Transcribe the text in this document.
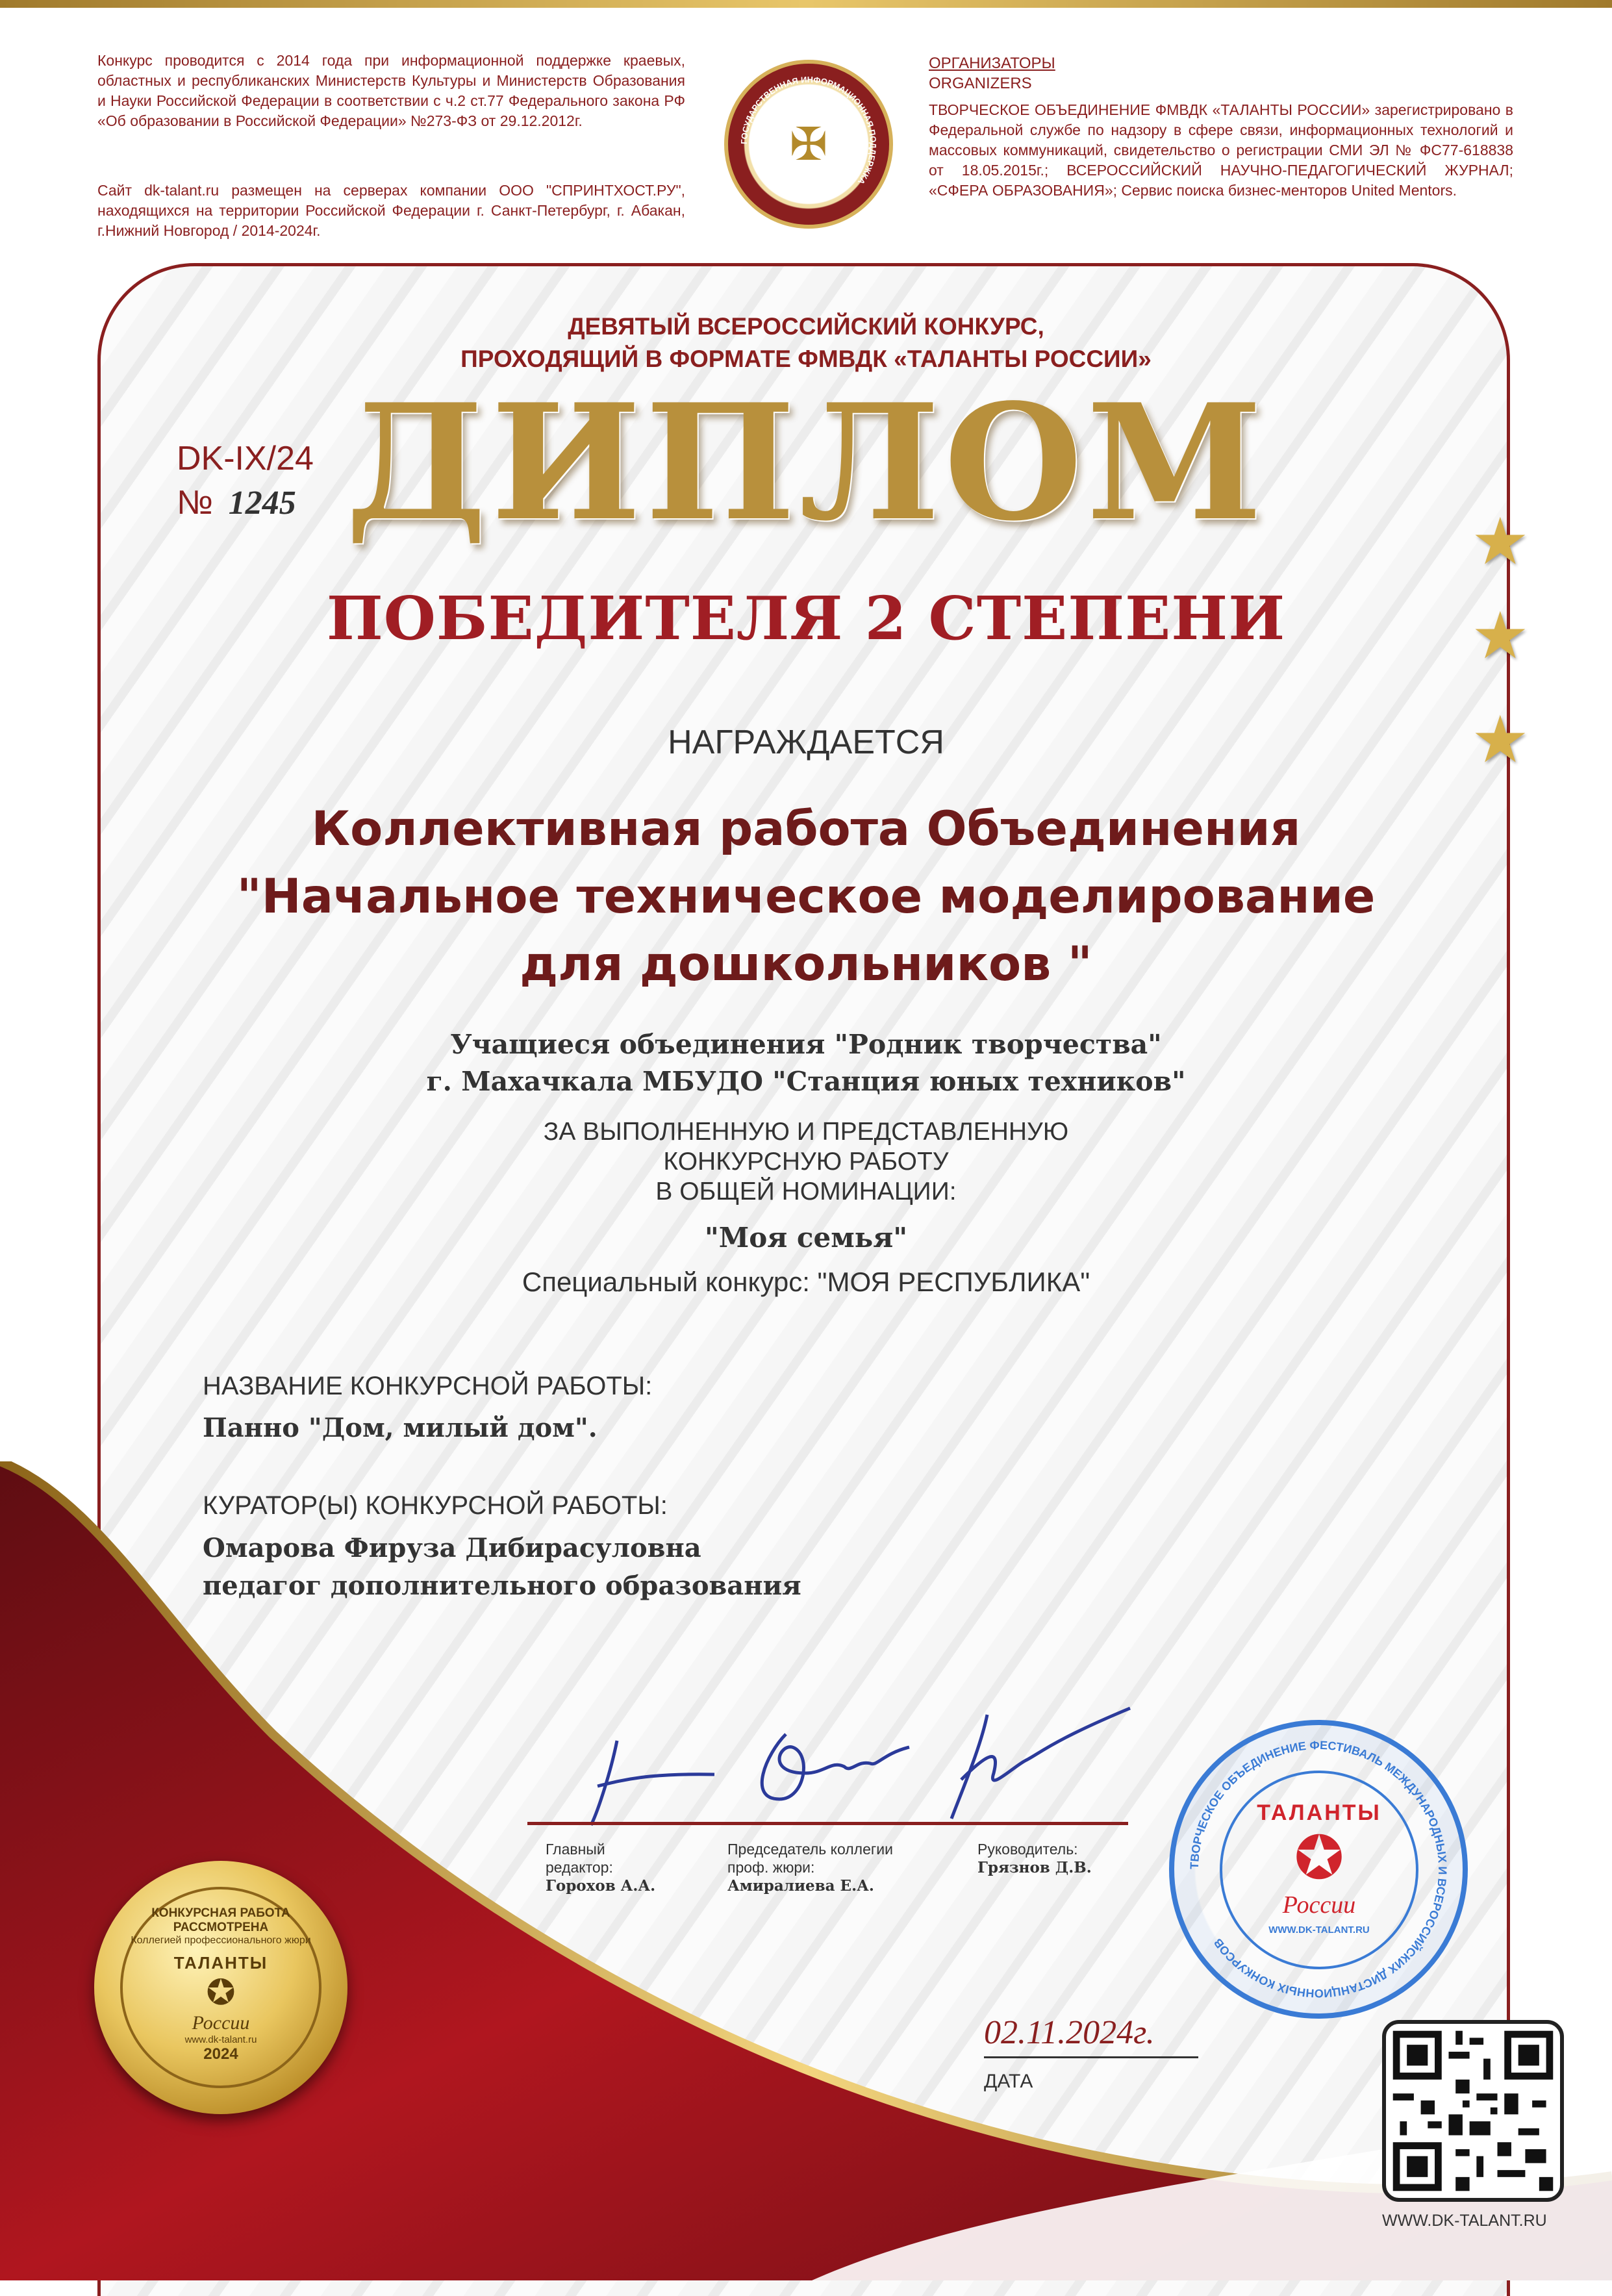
Конкурс проводится с 2014 года при информационной поддержке краевых, областных и республиканских Министерств Культуры и Министерств Образования и Науки Российской Федерации в соответствии с ч.2 ст.77 Федерального закона РФ «Об образовании в Российской Федерации» №273-ФЗ от 29.12.2012г.
Сайт dk-talant.ru размещен на серверах компании ООО "СПРИНТХОСТ.РУ", находящихся на территории Российской Федерации г. Санкт-Петербург, г. Абакан, г.Нижний Новгород / 2014-2024г.
✠
ГОСУДАРСТВЕННАЯ ИНФОРМАЦИОННАЯ ПОДДЕРЖКА
ОРГАНИЗАТОРЫ
ORGANIZERS
ТВОРЧЕСКОЕ ОБЪЕДИНЕНИЕ ФМВДК «ТАЛАНТЫ РОССИИ» зарегистрировано в Федеральной службе по надзору в сфере связи, информационных технологий и массовых коммуникаций, свидетельство о регистрации СМИ ЭЛ № ФС77-618838 от 18.05.2015г.; ВСЕРОССИЙСКИЙ НАУЧНО-ПЕДАГОГИЧЕСКИЙ ЖУРНАЛ; «СФЕРА ОБРАЗОВАНИЯ»; Сервис поиска бизнес-менторов United Mentors.
★
★
★
ДЕВЯТЫЙ ВСЕРОССИЙСКИЙ КОНКУРС,
ПРОХОДЯЩИЙ В ФОРМАТЕ ФМВДК «ТАЛАНТЫ РОССИИ»
DK-IX/24
№ 1245 ДИПЛОМ
ПОБЕДИТЕЛЯ 2 СТЕПЕНИ
НАГРАЖДАЕТСЯ
Коллективная работа Объединения
"Начальное техническое моделирование
для дошкольников "
Учащиеся объединения "Родник творчества"
г. Махачкала МБУДО "Станция юных техников"
ЗА ВЫПОЛНЕННУЮ И ПРЕДСТАВЛЕННУЮ
КОНКУРСНУЮ РАБОТУ
В ОБЩЕЙ НОМИНАЦИИ:
"Моя семья"
Специальный конкурс: "МОЯ РЕСПУБЛИКА"
НАЗВАНИЕ КОНКУРСНОЙ РАБОТЫ:
Панно "Дом, милый дом".
КУРАТОР(Ы) КОНКУРСНОЙ РАБОТЫ:
Омарова Фируза Дибирасуловна
педагог дополнительного образования
Главный
редактор:
Горохов А.А.
Председатель коллегии
проф. жюри:
Амиралиева Е.А.
Руководитель:
Грязнов Д.В.
02.11.2024г.
ДАТА
КОНКУРСНАЯ РАБОТА РАССМОТРЕНА
Коллегией профессионального жюри
ТАЛАНТЫ
✪
России
www.dk-talant.ru
2024
ТВОРЧЕСКОЕ ОБЪЕДИНЕНИЕ ФЕСТИВАЛЬ МЕЖДУНАРОДНЫХ И ВСЕРОССИЙСКИХ ДИСТАНЦИОННЫХ КОНКУРСОВ
ТАЛАНТЫ
✪
России
WWW.DK-TALANT.RU
WWW.DK-TALANT.RU
